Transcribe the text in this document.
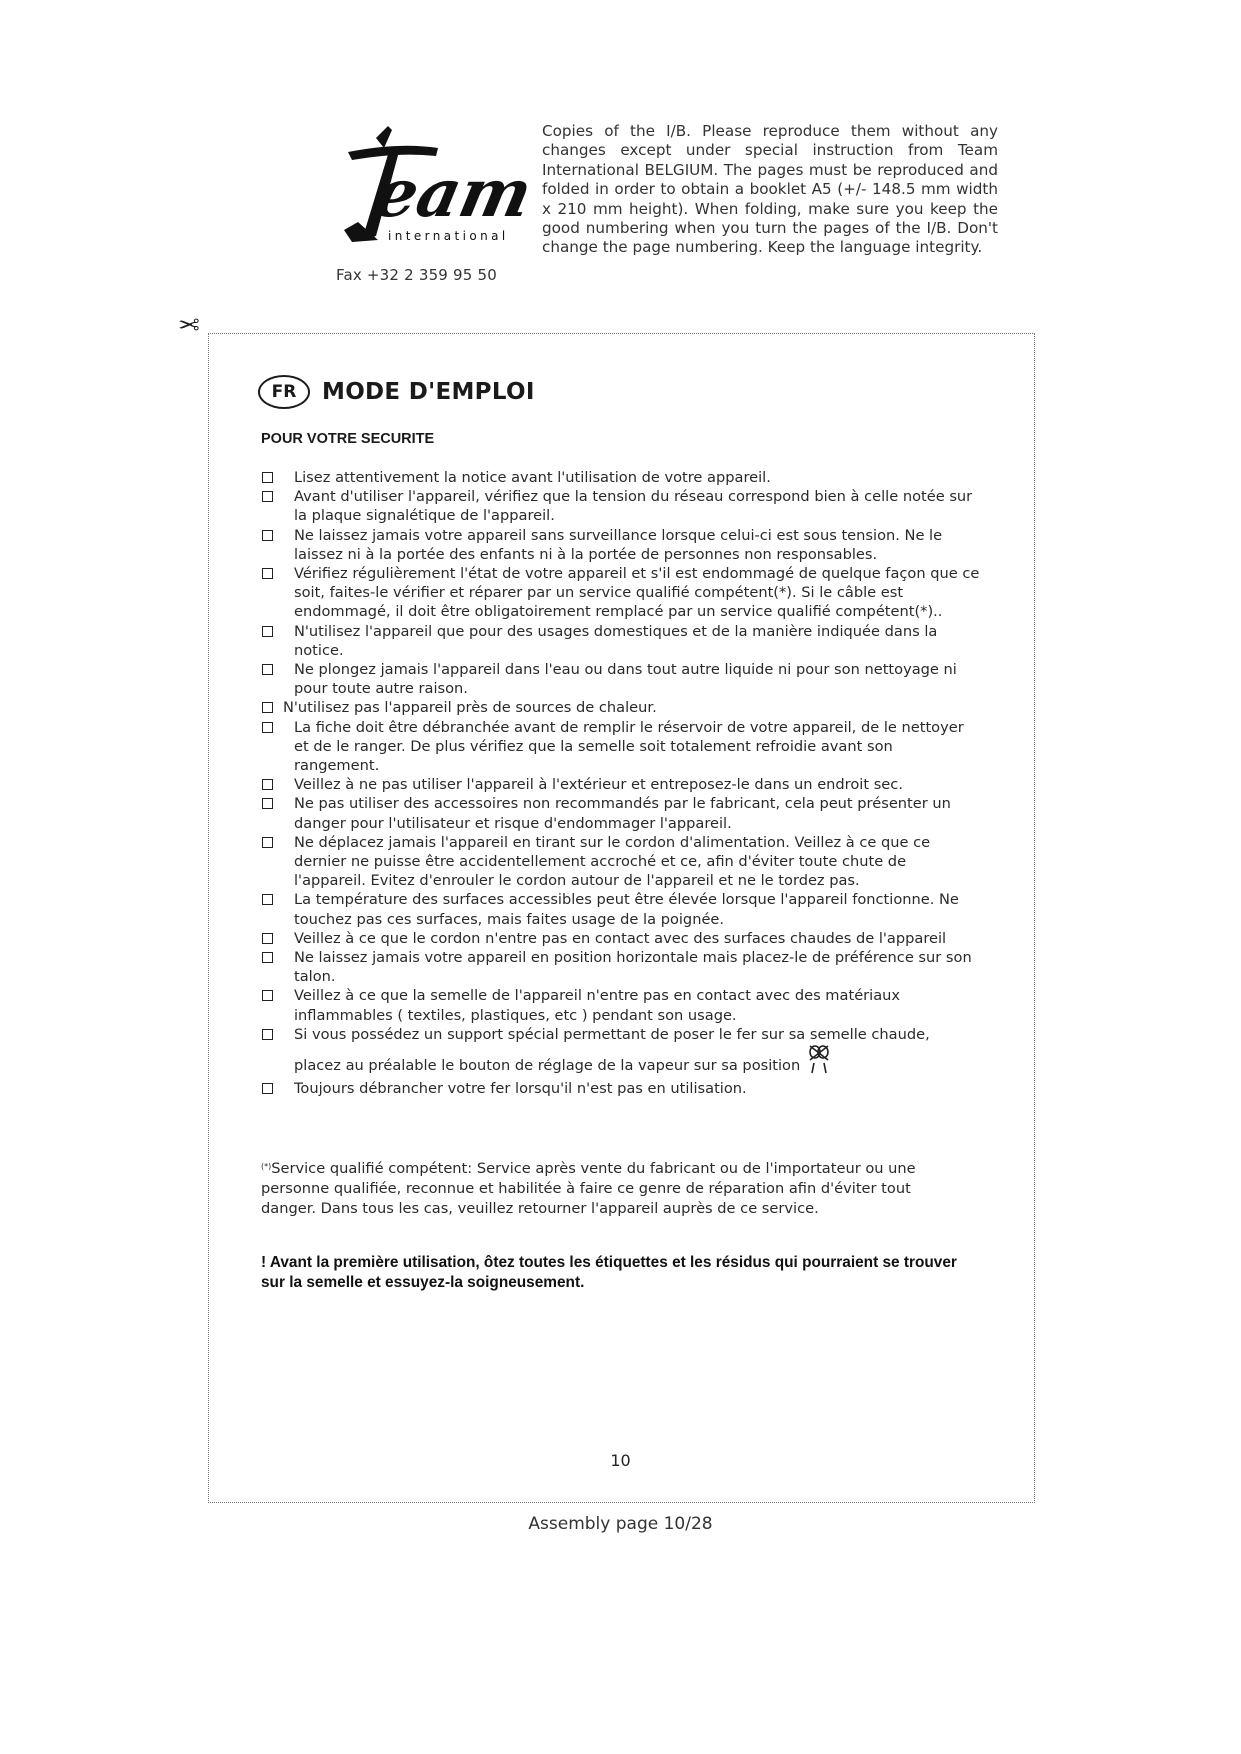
eam
international
Fax +32 2 359 95 50

Copies of the I/B. Please reproduce them without any changes except under special instruction from Team International BELGIUM. The pages must be reproduced and folded in order to obtain a booklet A5 (+/- 148.5 mm width x 210 mm height). When folding, make sure you keep the good numbering when you turn the pages of the I/B. Don't change the page numbering. Keep the language integrity.

✂
FR	MODE D'EMPLOI
POUR VOTRE SECURITE
Lisez attentivement la notice avant l'utilisation de votre appareil.
Avant d'utiliser l'appareil, vérifiez que la tension du réseau correspond bien à celle notée sur la plaque signalétique de l'appareil.
Ne laissez jamais votre appareil sans surveillance lorsque celui-ci est sous tension. Ne le laissez ni à la portée des enfants ni à la portée de personnes non responsables.
Vérifiez régulièrement l'état de votre appareil et s'il est endommagé de quelque façon que ce soit, faites-le vérifier et réparer par un service qualifié compétent(*). Si le câble est endommagé, il doit être obligatoirement remplacé par un service qualifié compétent(*)..
N'utilisez l'appareil que pour des usages domestiques et de la manière indiquée dans la notice.
Ne plongez jamais l'appareil dans l'eau ou dans tout autre liquide ni pour son nettoyage ni pour toute autre raison.
N'utilisez pas l'appareil près de sources de chaleur.
La fiche doit être débranchée avant de remplir le réservoir de votre appareil, de le nettoyer et de le ranger. De plus vérifiez que la semelle soit totalement refroidie avant son rangement.
Veillez à ne pas utiliser l'appareil à l'extérieur et entreposez-le dans un endroit sec.
Ne pas utiliser des accessoires non recommandés par le fabricant, cela peut présenter un danger pour l'utilisateur et risque d'endommager l'appareil.
Ne déplacez jamais l'appareil en tirant sur le cordon d'alimentation. Veillez à ce que ce dernier ne puisse être accidentellement accroché et ce, afin d'éviter toute chute de l'appareil. Evitez d'enrouler le cordon autour de l'appareil et ne le tordez pas.
La température des surfaces accessibles peut être élevée lorsque l'appareil fonctionne. Ne touchez pas ces surfaces, mais faites usage de la poignée.
Veillez à ce que le cordon n'entre pas en contact avec des surfaces chaudes de l'appareil
Ne laissez jamais votre appareil en position horizontale mais placez-le de préférence sur son talon.
Veillez à ce que la semelle de l'appareil n'entre pas en contact avec des matériaux inflammables ( textiles, plastiques, etc ) pendant son usage.
Si vous possédez un support spécial permettant de poser le fer sur sa semelle chaude,
placez au préalable le bouton de réglage de la vapeur sur sa position
Toujours débrancher votre fer lorsqu'il n'est pas en utilisation.

(*)Service qualifié compétent: Service après vente du fabricant ou de l'importateur ou une personne qualifiée, reconnue et habilitée à faire ce genre de réparation afin d'éviter tout danger. Dans tous les cas, veuillez retourner l'appareil auprès de ce service.

! Avant la première utilisation, ôtez toutes les étiquettes et les résidus qui pourraient se trouver sur la semelle et essuyez-la soigneusement.

10
Assembly page 10/28
